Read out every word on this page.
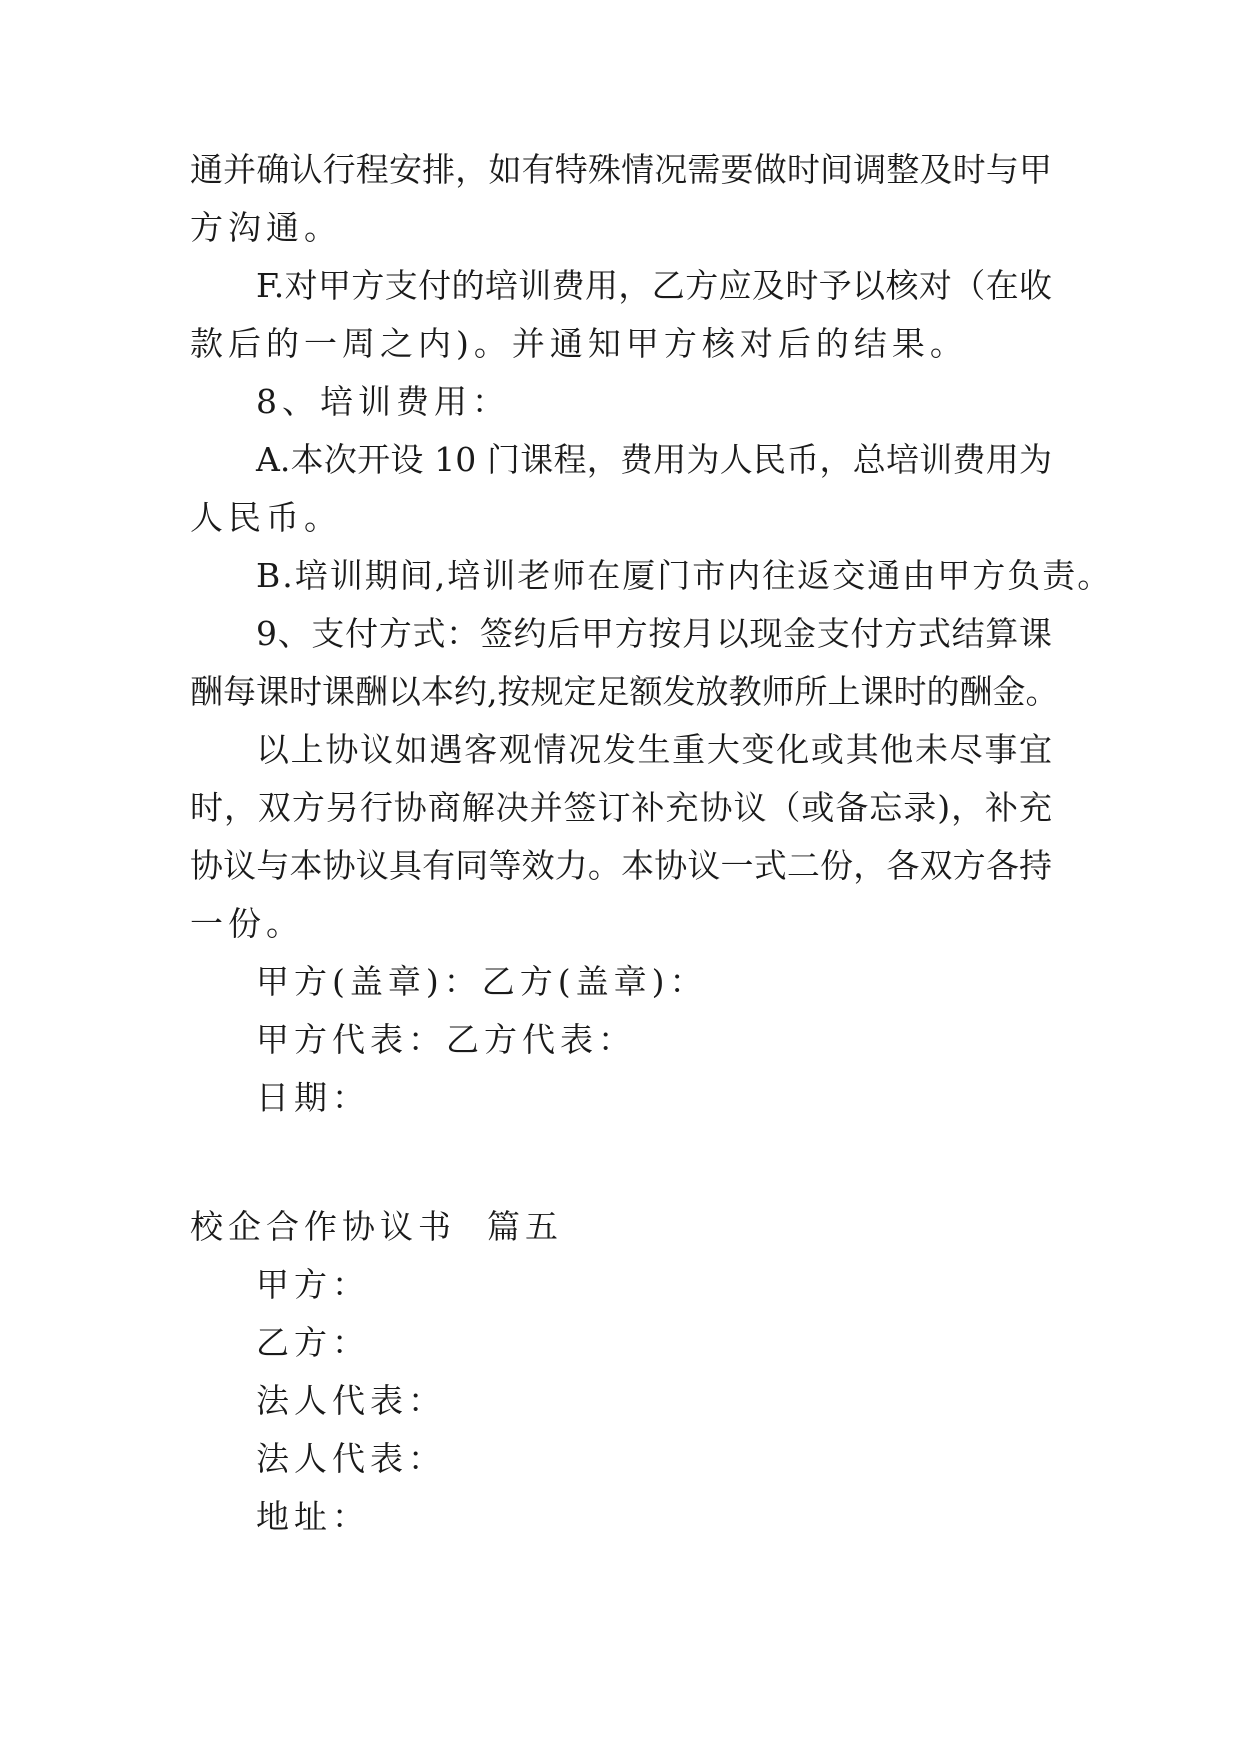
通并确认行程安排，如有特殊情况需要做时间调整及时与甲
方沟通。
F.对甲方支付的培训费用，乙方应及时予以核对（在收
款后的一周之内)。并通知甲方核对后的结果。
8、培训费用：
A.本次开设 10 门课程，费用为人民币，总培训费用为
人民币。
B.培训期间,培训老师在厦门市内往返交通由甲方负责。
9、支付方式：签约后甲方按月以现金支付方式结算课
酬每课时课酬以本约,按规定足额发放教师所上课时的酬金。
以上协议如遇客观情况发生重大变化或其他未尽事宜
时，双方另行协商解决并签订补充协议（或备忘录)，补充
协议与本协议具有同等效力。本协议一式二份，各双方各持
一份。
甲方(盖章)：乙方(盖章)：
甲方代表：乙方代表：
日期：
校企合作协议书  篇五
甲方：
乙方：
法人代表：
法人代表：
地址：
